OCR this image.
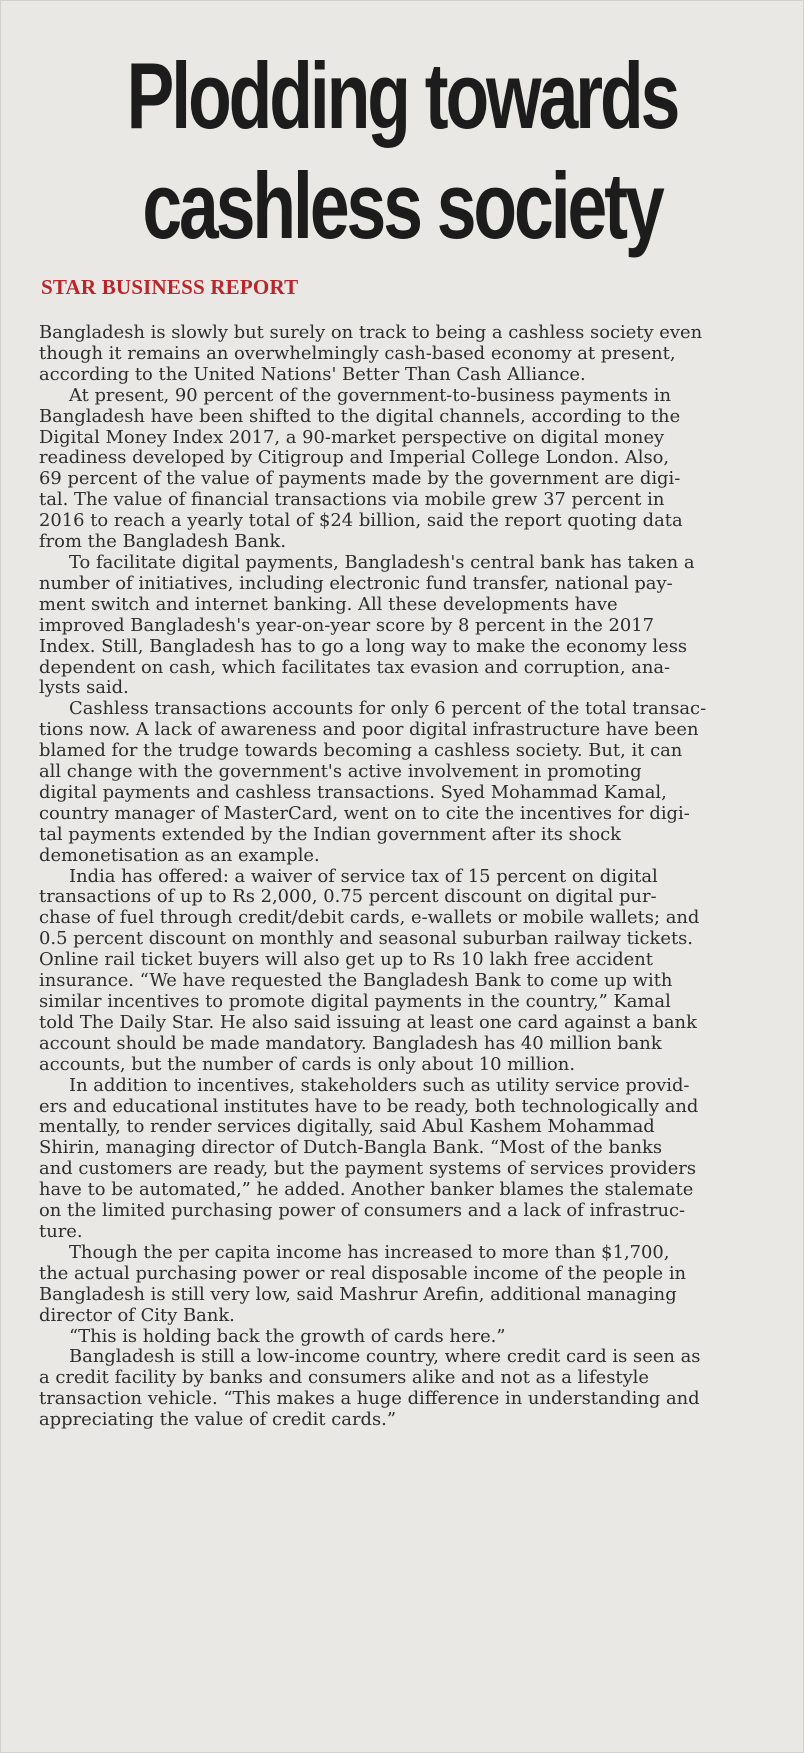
Plodding towards
cashless society
STAR BUSINESS REPORT

Bangladesh is slowly but surely on track to being a cashless society even
though it remains an overwhelmingly cash-based economy at present,
according to the United Nations' Better Than Cash Alliance.

At present, 90 percent of the government-to-business payments in
Bangladesh have been shifted to the digital channels, according to the
Digital Money Index 2017, a 90-market perspective on digital money
readiness developed by Citigroup and Imperial College London. Also,
69 percent of the value of payments made by the government are digi-
tal. The value of financial transactions via mobile grew 37 percent in
2016 to reach a yearly total of $24 billion, said the report quoting data
from the Bangladesh Bank.

To facilitate digital payments, Bangladesh's central bank has taken a
number of initiatives, including electronic fund transfer, national pay-
ment switch and internet banking. All these developments have
improved Bangladesh's year-on-year score by 8 percent in the 2017
Index. Still, Bangladesh has to go a long way to make the economy less
dependent on cash, which facilitates tax evasion and corruption, ana-
lysts said.

Cashless transactions accounts for only 6 percent of the total transac-
tions now. A lack of awareness and poor digital infrastructure have been
blamed for the trudge towards becoming a cashless society. But, it can
all change with the government's active involvement in promoting
digital payments and cashless transactions. Syed Mohammad Kamal,
country manager of MasterCard, went on to cite the incentives for digi-
tal payments extended by the Indian government after its shock
demonetisation as an example.

India has offered: a waiver of service tax of 15 percent on digital
transactions of up to Rs 2,000, 0.75 percent discount on digital pur-
chase of fuel through credit/debit cards, e-wallets or mobile wallets; and
0.5 percent discount on monthly and seasonal suburban railway tickets.
Online rail ticket buyers will also get up to Rs 10 lakh free accident
insurance. “We have requested the Bangladesh Bank to come up with
similar incentives to promote digital payments in the country,” Kamal
told The Daily Star. He also said issuing at least one card against a bank
account should be made mandatory. Bangladesh has 40 million bank
accounts, but the number of cards is only about 10 million.

In addition to incentives, stakeholders such as utility service provid-
ers and educational institutes have to be ready, both technologically and
mentally, to render services digitally, said Abul Kashem Mohammad
Shirin, managing director of Dutch-Bangla Bank. “Most of the banks
and customers are ready, but the payment systems of services providers
have to be automated,” he added. Another banker blames the stalemate
on the limited purchasing power of consumers and a lack of infrastruc-
ture.

Though the per capita income has increased to more than $1,700,
the actual purchasing power or real disposable income of the people in
Bangladesh is still very low, said Mashrur Arefin, additional managing
director of City Bank.

“This is holding back the growth of cards here.”

Bangladesh is still a low-income country, where credit card is seen as
a credit facility by banks and consumers alike and not as a lifestyle
transaction vehicle. “This makes a huge difference in understanding and
appreciating the value of credit cards.”
